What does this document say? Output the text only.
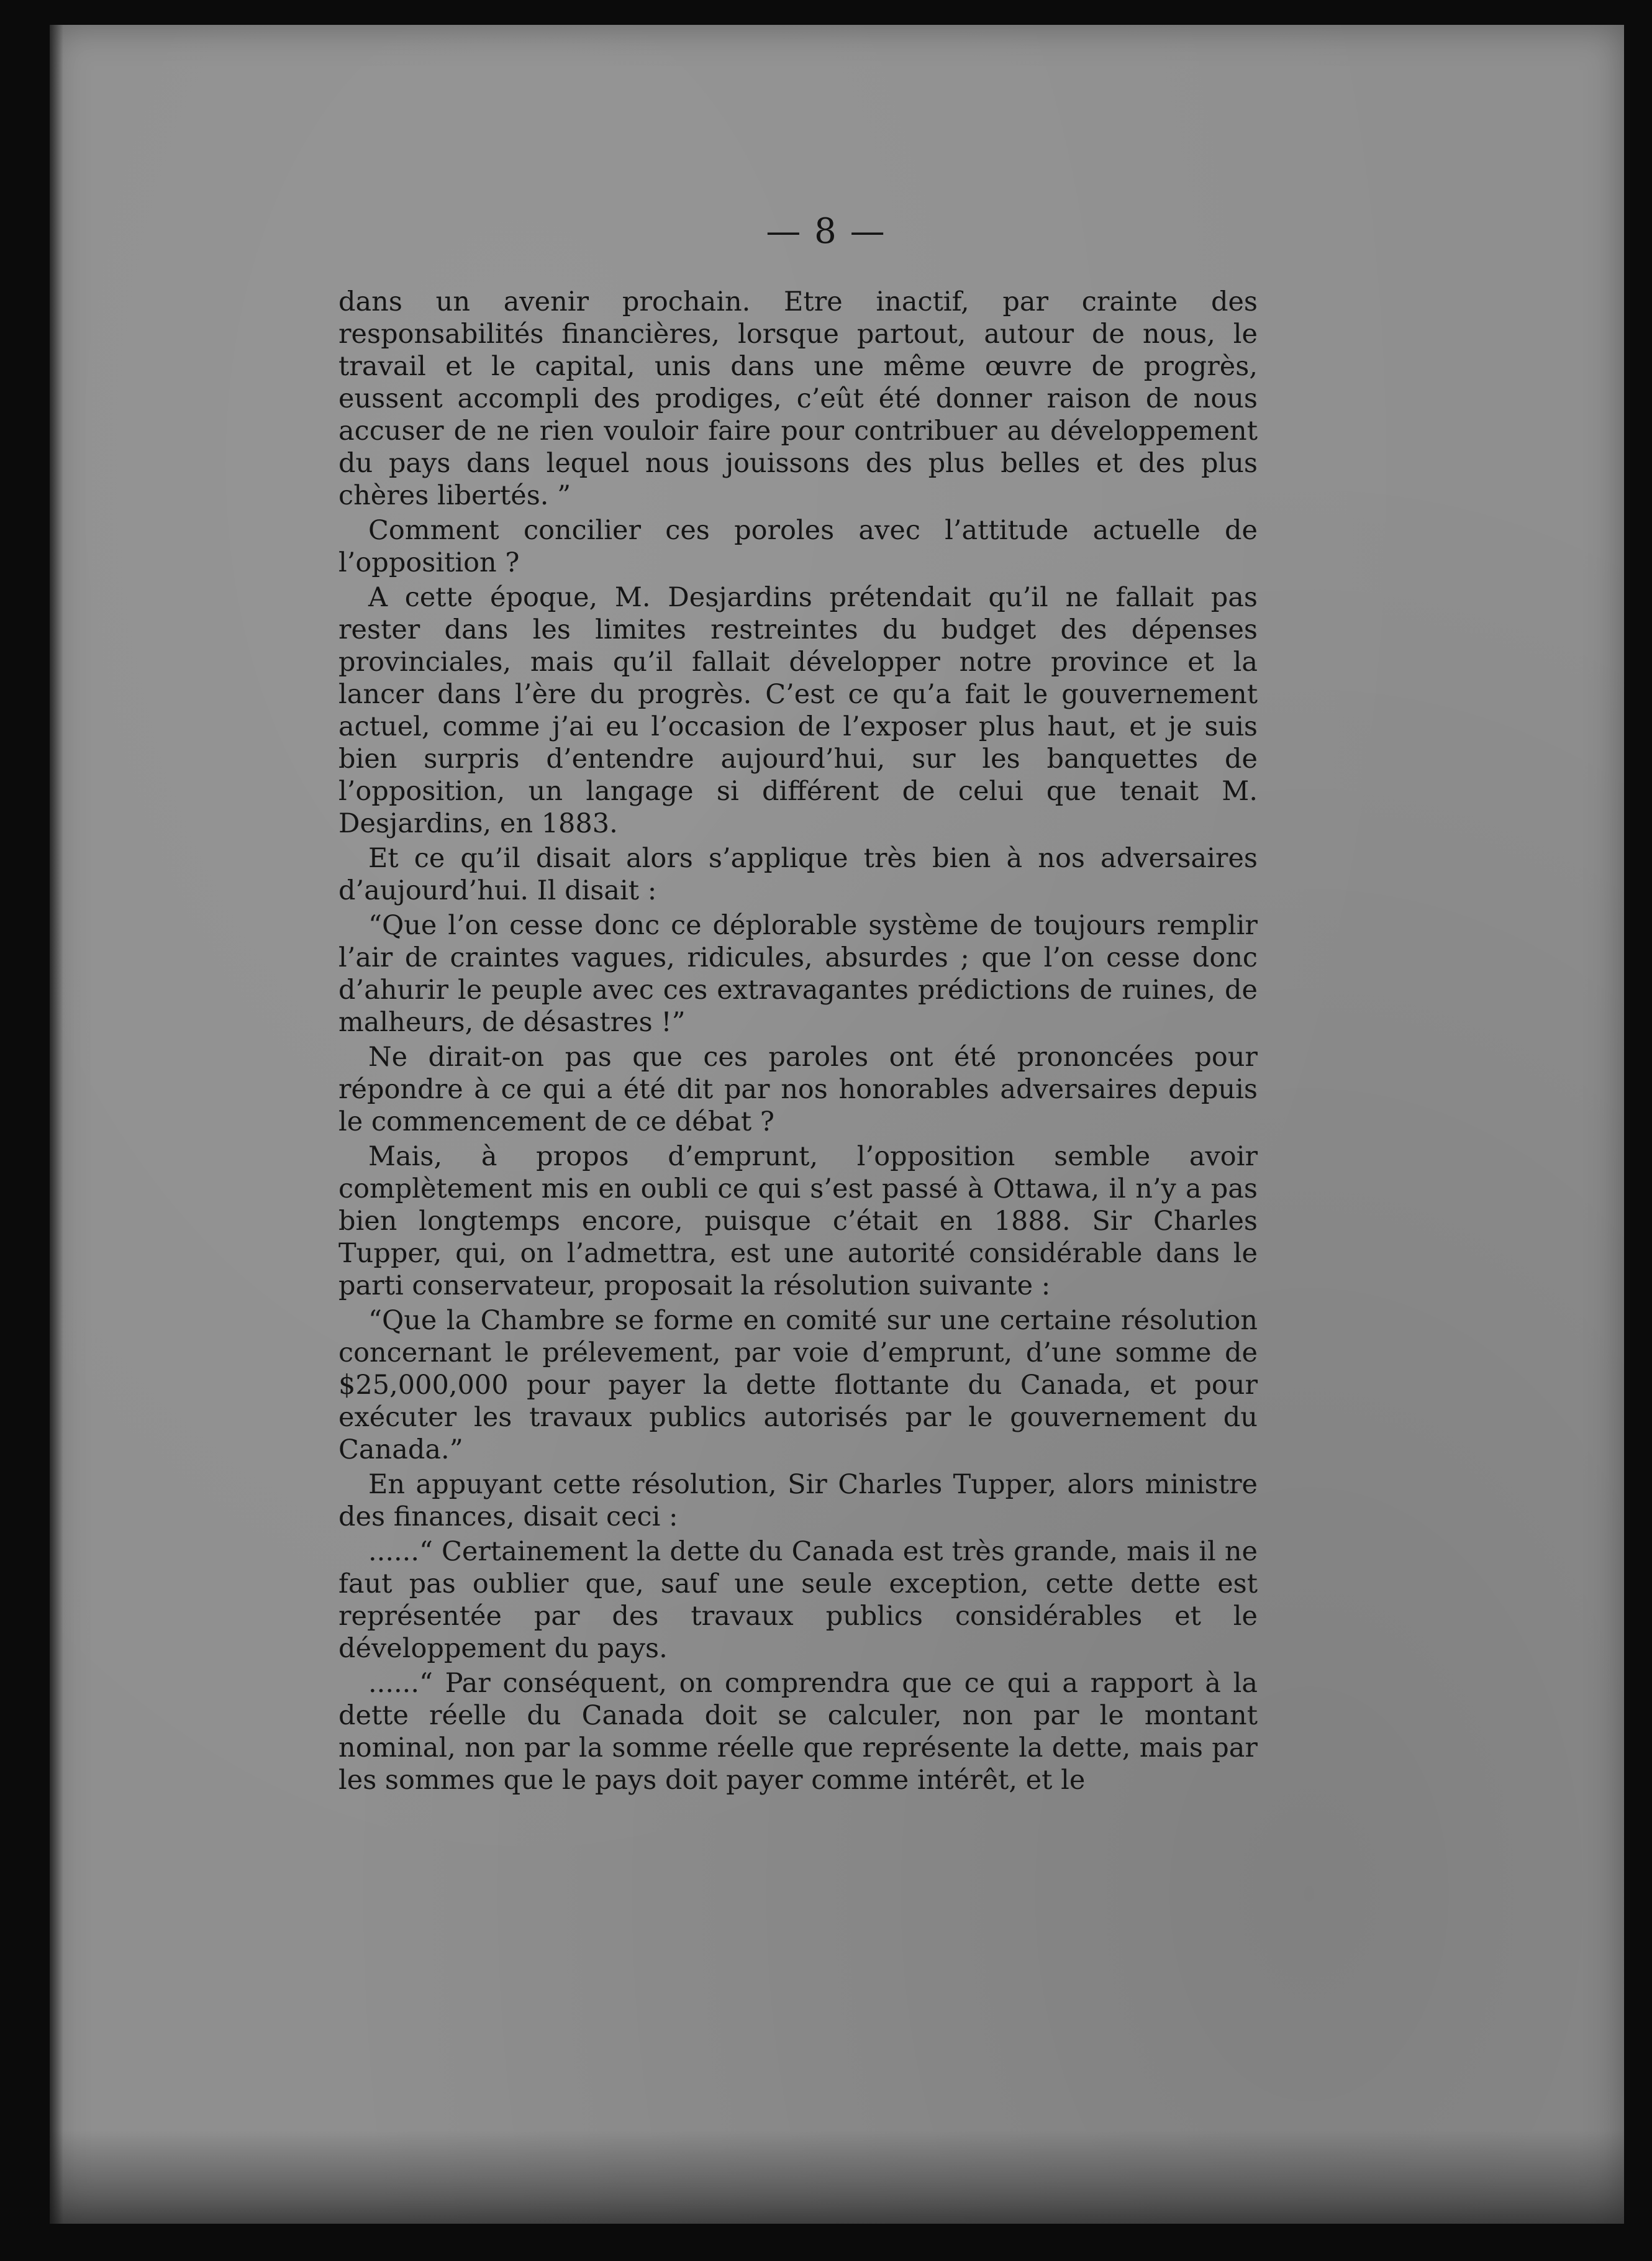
— 8 —

dans un avenir prochain. Etre inactif, par crainte des responsabilités financières, lorsque partout, autour de nous, le travail et le capital, unis dans une même œuvre de progrès, eussent accompli des prodiges, c’eût été donner raison de nous accuser de ne rien vouloir faire pour contribuer au développement du pays dans lequel nous jouissons des plus belles et des plus chères libertés. ”

Comment concilier ces poroles avec l’attitude actuelle de l’opposition ?

A cette époque, M. Desjardins prétendait qu’il ne fallait pas rester dans les limites restreintes du budget des dépenses provinciales, mais qu’il fallait développer notre province et la lancer dans l’ère du progrès. C’est ce qu’a fait le gouvernement actuel, comme j’ai eu l’occasion de l’exposer plus haut, et je suis bien surpris d’entendre aujourd’hui, sur les banquettes de l’opposition, un langage si différent de celui que tenait M. Desjardins, en 1883.

Et ce qu’il disait alors s’applique très bien à nos adversaires d’aujourd’hui. Il disait :

“Que l’on cesse donc ce déplorable système de toujours remplir l’air de craintes vagues, ridicules, absurdes ; que l’on cesse donc d’ahurir le peuple avec ces extravagantes prédictions de ruines, de malheurs, de désastres !”

Ne dirait-on pas que ces paroles ont été prononcées pour répondre à ce qui a été dit par nos honorables adversaires depuis le commencement de ce débat ?

Mais, à propos d’emprunt, l’opposition semble avoir complètement mis en oubli ce qui s’est passé à Ottawa, il n’y a pas bien longtemps encore, puisque c’était en 1888. Sir Charles Tupper, qui, on l’admettra, est une autorité considérable dans le parti conservateur, proposait la résolution suivante :

“Que la Chambre se forme en comité sur une certaine résolution concernant le prélevement, par voie d’emprunt, d’une somme de $25,000,000 pour payer la dette flottante du Canada, et pour exécuter les travaux publics autorisés par le gouvernement du Canada.”

En appuyant cette résolution, Sir Charles Tupper, alors ministre des finances, disait ceci :

......“ Certainement la dette du Canada est très grande, mais il ne faut pas oublier que, sauf une seule exception, cette dette est représentée par des travaux publics considérables et le développement du pays.

......“ Par conséquent, on comprendra que ce qui a rapport à la dette réelle du Canada doit se calculer, non par le montant nominal, non par la somme réelle que représente la dette, mais par les sommes que le pays doit payer comme intérêt, et le
